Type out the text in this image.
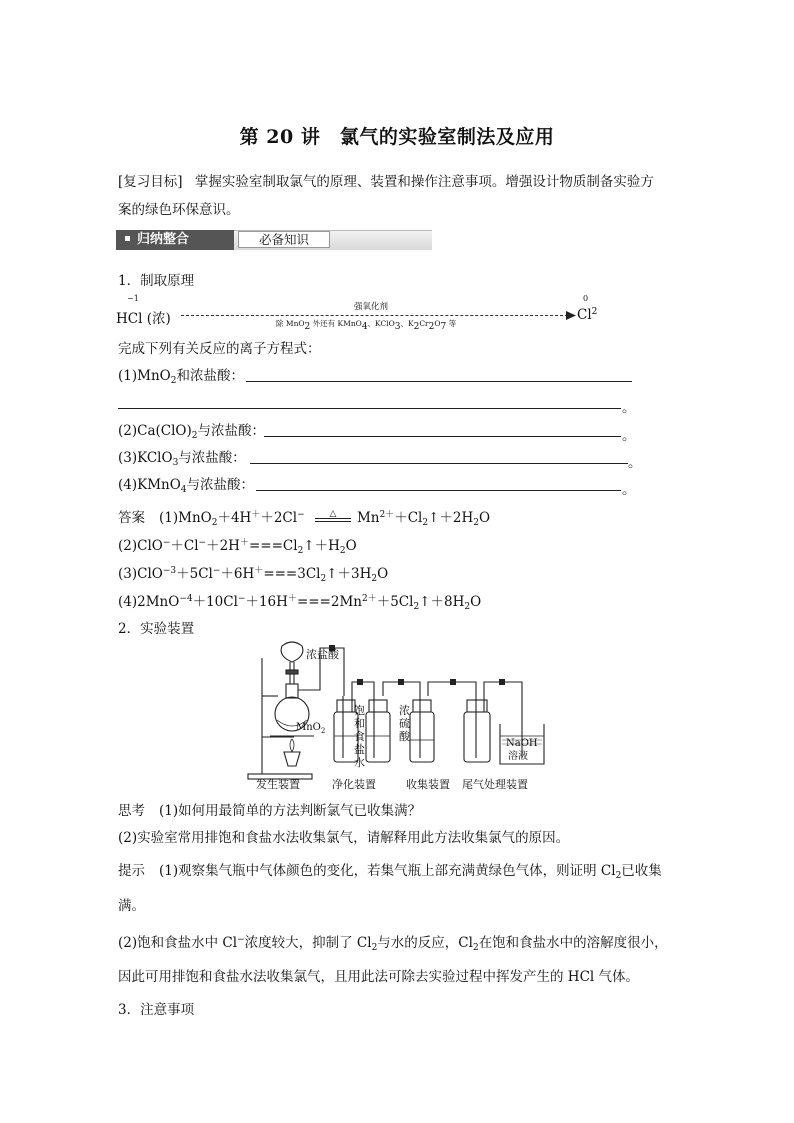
第 20 讲　氯气的实验室制法及应用
[复习目标] 掌握实验室制取氯气的原理、装置和操作注意事项。增强设计物质制备实验方
案的绿色环保意识。
归纳整合	必备知识
1．制取原理
−1
HCl (浓)
强氧化剂
除 MnO$_2$ 外还有 KMnO$_4$、KClO$_3$、$K_2Cr_2O_7$ 等
0
Cl$^2$
完成下列有关反应的离子方程式：
(1)MnO$_2$和浓盐酸：
。
$(2)Ca(ClO)_2$与浓盐酸：	。
(3)KClO$_3$与浓盐酸：	。
(4)KMnO$_4$与浓盐酸：	。
答案 (1)MnO$_2$＋4H＋＋2Cl−	△	$Mn^{2+}+Cl_2↑+2H_2O$
$(2)ClO^-+Cl^-+2H^+===Cl_2↑+H_2O$
$(3)ClO^{-3}+5Cl^-+6H^+===3Cl_2↑+3H_2O$
$(4)2MnO^{-4}+10Cl^-+16H^+===2Mn^{2+}+5Cl_2↑+8H_2O$
2．实验装置
浓盐酸
MnO$_2$
饱
和
食
盐
水
浓
硫
酸
NaOH
溶液
发生装置	净化装置	收集装置 尾气处理装置
思考 (1)如何用最简单的方法判断氯气已收集满？
(2)实验室常用排饱和食盐水法收集氯气，请解释用此方法收集氯气的原因。
提示 (1)观察集气瓶中气体颜色的变化，若集气瓶上部充满黄绿色气体，则证明 $Cl_2$已收集
满。
(2)饱和食盐水中 Cl−浓度较大，抑制了 $Cl_2$与水的反应，$Cl_2$在饱和食盐水中的溶解度很小，
因此可用排饱和食盐水法收集氯气，且用此法可除去实验过程中挥发产生的 HCl 气体。
3．注意事项
